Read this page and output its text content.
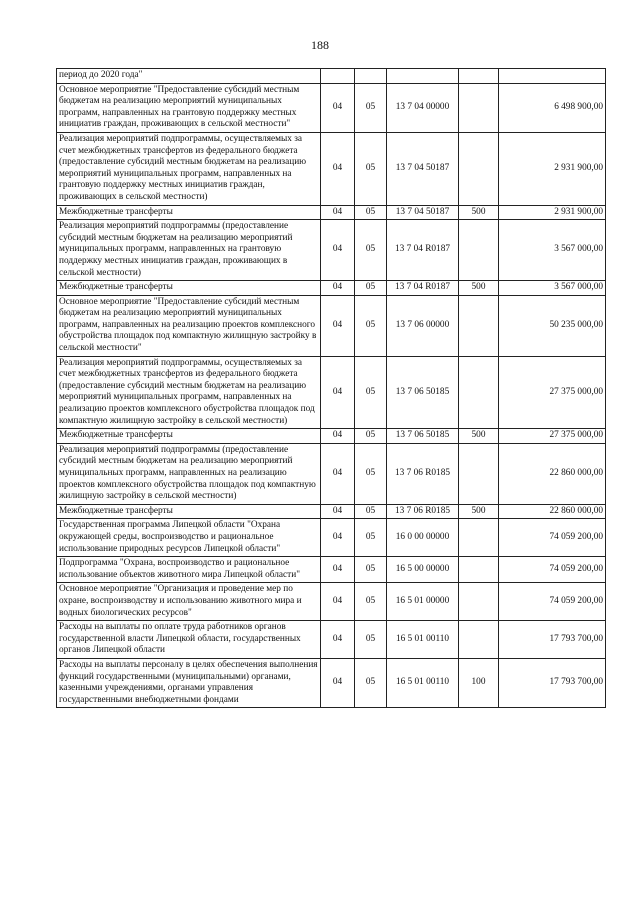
188
период до 2020 года"					
Основное мероприятие "Предоставление субсидий местным бюджетам на реализацию мероприятий муниципальных программ, направленных на грантовую поддержку местных инициатив граждан, проживающих в сельской местности"	04	05	13 7 04 00000		6 498 900,00
Реализация мероприятий подпрограммы, осуществляемых за счет межбюджетных трансфертов из федерального бюджета (предоставление субсидий местным бюджетам на реализацию мероприятий муниципальных программ, направленных на грантовую поддержку местных инициатив граждан, проживающих в сельской местности)	04	05	13 7 04 50187		2 931 900,00
Межбюджетные трансферты	04	05	13 7 04 50187	500	2 931 900,00
Реализация мероприятий подпрограммы (предоставление субсидий местным бюджетам на реализацию мероприятий муниципальных программ, направленных на грантовую поддержку местных инициатив граждан, проживающих в сельской местности)	04	05	13 7 04 R0187		3 567 000,00
Межбюджетные трансферты	04	05	13 7 04 R0187	500	3 567 000,00
Основное мероприятие "Предоставление субсидий местным бюджетам на реализацию мероприятий муниципальных программ, направленных на реализацию проектов комплексного обустройства площадок под компактную жилищную застройку в сельской местности"	04	05	13 7 06 00000		50 235 000,00
Реализация мероприятий подпрограммы, осуществляемых за счет межбюджетных трансфертов из федерального бюджета (предоставление субсидий местным бюджетам на реализацию мероприятий муниципальных программ, направленных на реализацию проектов комплексного обустройства площадок под компактную жилищную застройку в сельской местности)	04	05	13 7 06 50185		27 375 000,00
Межбюджетные трансферты	04	05	13 7 06 50185	500	27 375 000,00
Реализация мероприятий подпрограммы (предоставление субсидий местным бюджетам на реализацию мероприятий муниципальных программ, направленных на реализацию проектов комплексного обустройства площадок под компактную жилищную застройку в сельской местности)	04	05	13 7 06 R0185		22 860 000,00
Межбюджетные трансферты	04	05	13 7 06 R0185	500	22 860 000,00
Государственная программа Липецкой области "Охрана окружающей среды, воспроизводство и рациональное использование природных ресурсов Липецкой области"	04	05	16 0 00 00000		74 059 200,00
Подпрограмма "Охрана, воспроизводство и рациональное использование объектов животного мира Липецкой области"	04	05	16 5 00 00000		74 059 200,00
Основное мероприятие "Организация и проведение мер по охране, воспроизводству и использованию животного мира и водных биологических ресурсов"	04	05	16 5 01 00000		74 059 200,00
Расходы на выплаты по оплате труда работников органов государственной власти Липецкой области, государственных органов Липецкой области	04	05	16 5 01 00110		17 793 700,00
Расходы на выплаты персоналу в целях обеспечения выполнения функций государственными (муниципальными) органами, казенными учреждениями, органами управления государственными внебюджетными фондами	04	05	16 5 01 00110	100	17 793 700,00
